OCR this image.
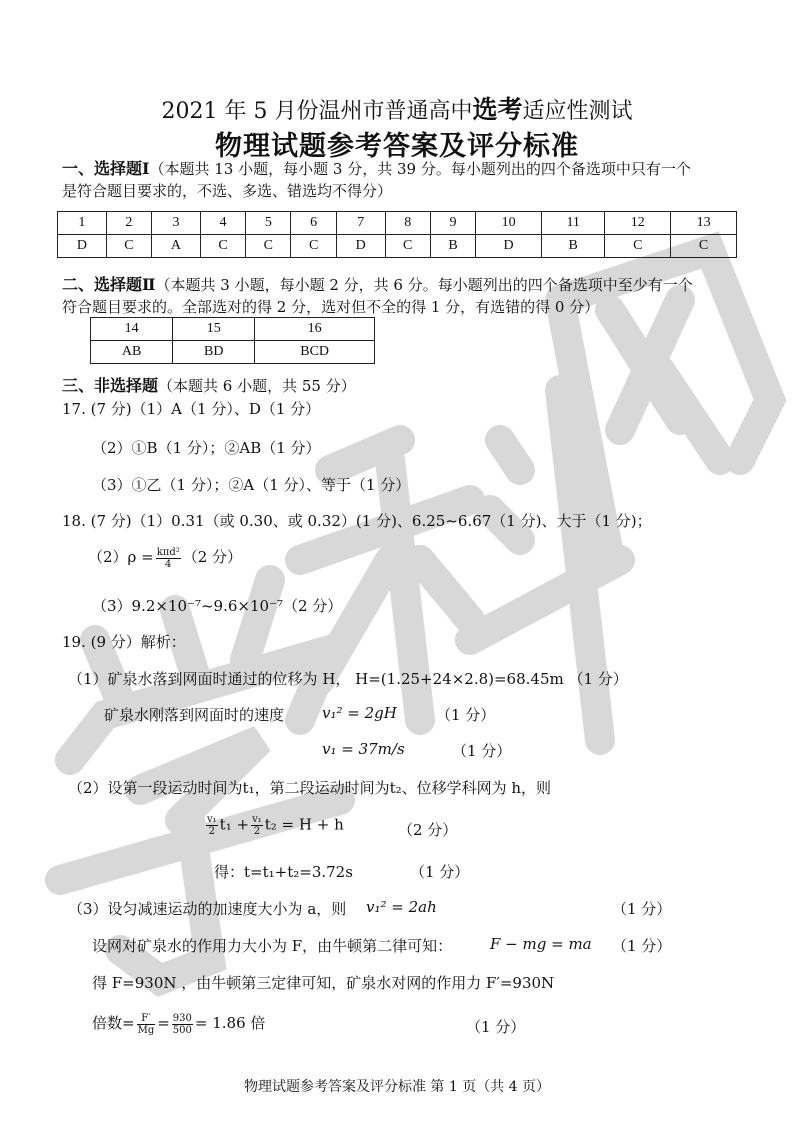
2021 年 5 月份温州市普通高中选考适应性测试
物理试题参考答案及评分标准
一、选择题Ⅰ（本题共 13 小题，每小题 3 分，共 39 分。每小题列出的四个备选项中只有一个
是符合题目要求的，不选、多选、错选均不得分）
1	2	3	4	5	6	7	8	9	10	11	12	13
D	C	A	C	C	C	D	C	B	D	B	C	C
二、选择题Ⅱ（本题共 3 小题，每小题 2 分，共 6 分。每小题列出的四个备选项中至少有一个
符合题目要求的。全部选对的得 2 分，选对但不全的得 1 分，有选错的得 0 分）
14	15	16
AB	BD	BCD
三、非选择题（本题共 6 小题，共 55 分）
17. (7 分)（1）A（1 分）、D（1 分）
（2）①B（1 分）；②AB（1 分）
（3）①乙（1 分）；②A（1 分）、等于（1 分）
18. (7 分)（1）0.31（或 0.30、或 0.32）(1 分)、6.25~6.67（1 分)、大于（1 分)；
$(2)\rho = \frac{\text{kπd²}}{4} (2$ 分）
（3）9.2×10⁻⁷~9.6×10⁻⁷（2 分）
19. (9 分）解析：
（1）矿泉水落到网面时通过的位移为 H， H=(1.25+24×2.8)=68.45m （1 分）
矿泉水刚落到网面时的速度	v₁² = 2gH	（1 分）
v₁ = 37m/s	（1 分）
（2）设第一段运动时间为t₁，第二段运动时间为t₂、位移学科网为 h，则
$\frac{\text{v₁}}{2} t_1 + \frac{\text{v₁}}{2} t_2 = H + h$	（2 分）
得：t=t₁+t₂=3.72s	（1 分）
（3）设匀减速运动的加速度大小为 a，则 v₁² = 2ah	（1 分）
设网对矿泉水的作用力大小为 F，由牛顿第二律可知：	F − mg = ma （1 分）
得 F=930N ，由牛顿第三定律可知，矿泉水对网的作用力 F′=930N
倍数= $\frac{F'}{Mg} = \frac{930}{500} = 1.86$ 倍	（1 分）
物理试题参考答案及评分标准 第 1 页（共 4 页）
